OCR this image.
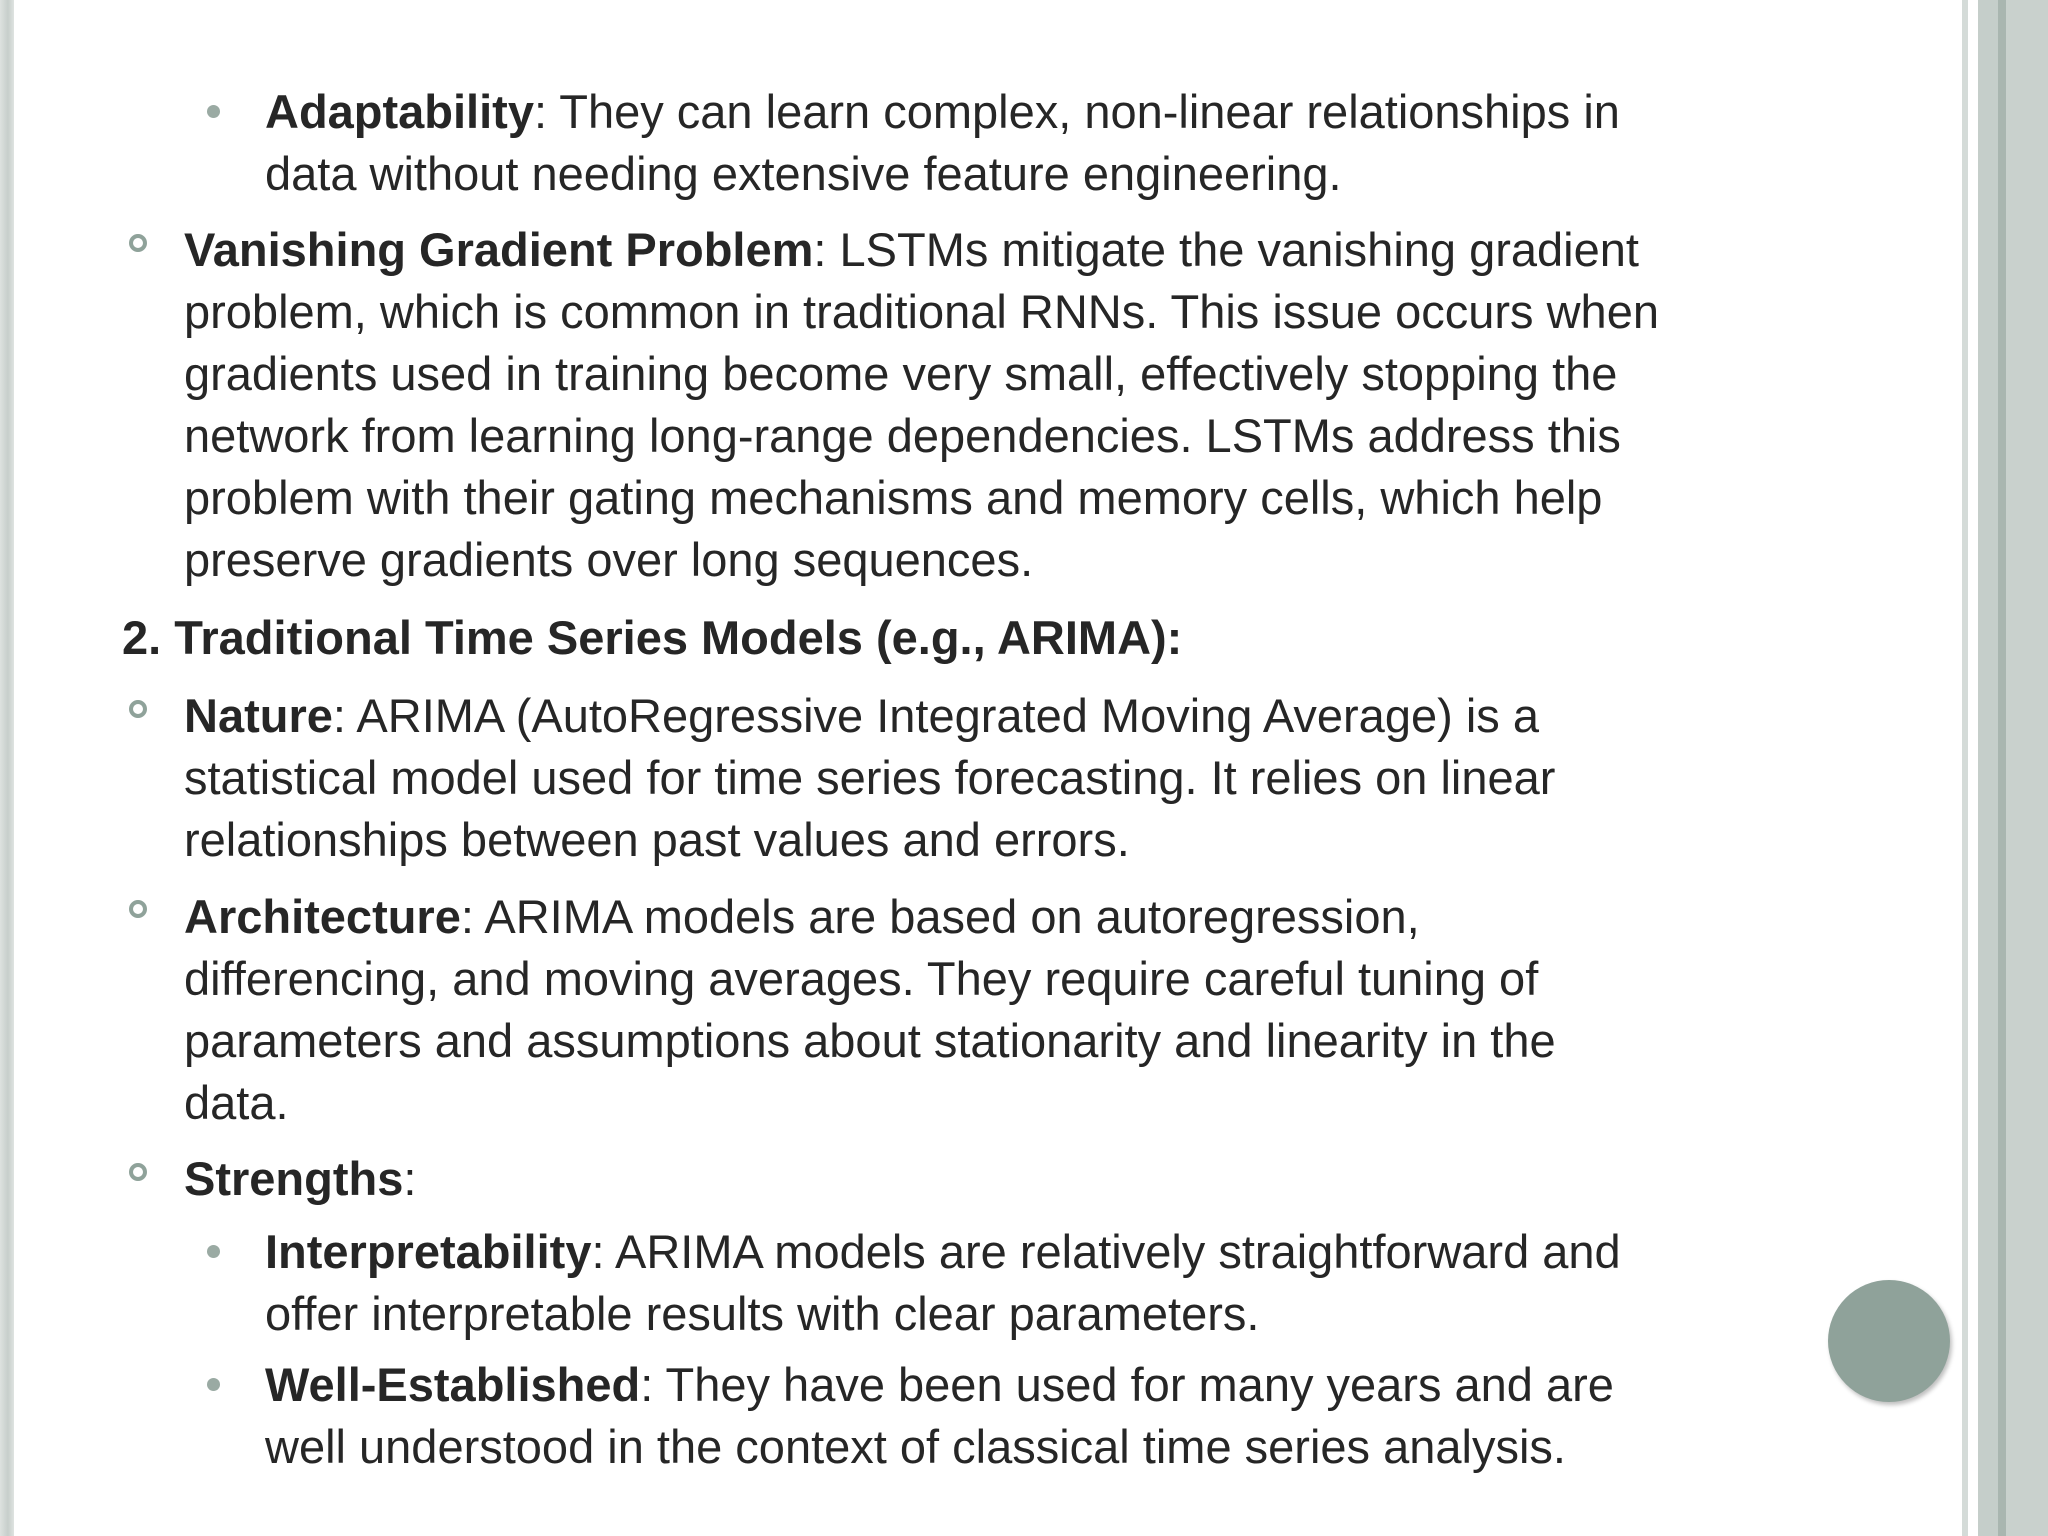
Adaptability: They can learn complex, non-linear relationships in
data without needing extensive feature engineering.
Vanishing Gradient Problem: LSTMs mitigate the vanishing gradient
problem, which is common in traditional RNNs. This issue occurs when
gradients used in training become very small, effectively stopping the
network from learning long-range dependencies. LSTMs address this
problem with their gating mechanisms and memory cells, which help
preserve gradients over long sequences.
2. Traditional Time Series Models (e.g., ARIMA):
Nature: ARIMA (AutoRegressive Integrated Moving Average) is a
statistical model used for time series forecasting. It relies on linear
relationships between past values and errors.
Architecture: ARIMA models are based on autoregression,
differencing, and moving averages. They require careful tuning of
parameters and assumptions about stationarity and linearity in the
data.
Strengths:
Interpretability: ARIMA models are relatively straightforward and
offer interpretable results with clear parameters.
Well-Established: They have been used for many years and are
well understood in the context of classical time series analysis.
